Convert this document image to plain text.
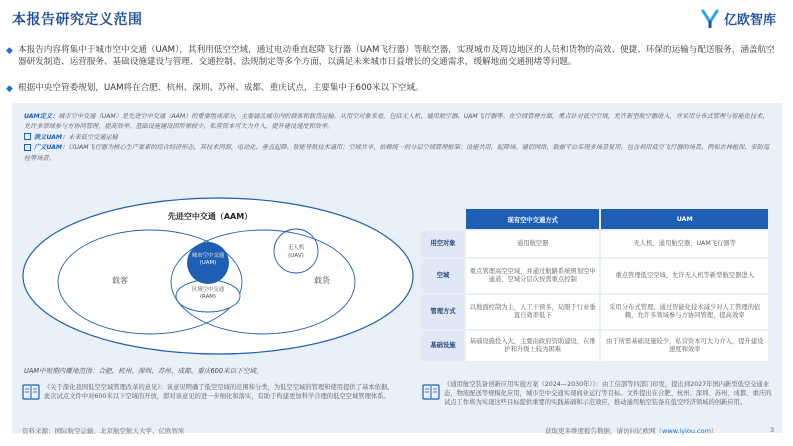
本报告研究定义范围	亿欧智库
◆ 本报告内容将集中于城市空中交通（UAM），其利用低空空域，通过电动垂直起降飞行器（UAM飞行器）等航空器，实现城市及周边地区的人员和货物的高效、便捷、环保的运输与配送服务，涵盖航空器研发制造、运营服务、基础设施建设与管理、交通控制、法规制定等多个方面，以满足未来城市日益增长的交通需求，缓解地面交通拥堵等问题。
◆ 根据中央空管委规划，UAM将在合肥、杭州、深圳、苏州、成都、重庆试点，主要集中于600米以下空域。
UAM定义：城市空中交通（UAM）是先进空中交通（AAM）的重要组成部分，主要涵盖城市内的载客和载货运输。从用空对象来看，包括无人机、通用航空器、UAM飞行器等。在空域管理方面，重点针对低空空域，允许新型航空器进入，并采用分布式管理与智能化技术，允许多领域参与方协同管理，提高效率。基础设施建设因所需较少，私营资本可大力介入，提升建设速度和效率。
狭义UAM：未来低空交通运输
广义UAM：以UAM飞行器为核心生产要素的综合经济形态，其技术同源，电动化、垂直起降、智能导航技术通用；空域共享，依赖统一的分层空域管理框架；设施共用，起降场、通信网络、数据平台实现多场景复用。包含利用低空飞行器的场景，例如农林植保、安防巡检等场景。
先进空中交通（AAM）
载客	载货
城市空中交通
(UAM)
区域空中交通
(RAM)
无人机
(UAV)
UAM中短期内覆地范围：合肥、杭州、深圳、苏州、成都、重庆600米以下空域。
	现有空中交通方式	UAM
用空对象	通用航空器	无人机、通用航空器、UAM飞行器等
空域	重点管理高空空域，并通过航路系统规划空中通道，空域分层次按需重点控制	重点管理低空空域，允许无人机等新型航空器进入
管理方式	以地面控制为主，人工干预多，局限于行业垂直自效率低下	采用分布式管理，通过智能化技术减少对人工管理的依赖，允许多领域参与方协同管理，提高效率
基础设施	基础设施投入大，主要由政府资助建设，在维护和升级上较为困难	由于所需基础设施较少，私营资本可大力介入，提升建设速度和效率
《关于深化我国低空空域管理改革的意见》：该意见明确了低空空域的范围和分类，为低空空域的管理和使用提供了基本依据。此次试点文件中对600米以下空域的开放，即对该意见的进一步细化和落实，有助于构建更加科学合理的低空空域管理体系。
《通用航空装备创新应用实施方案（2024—2030年）》：由工信部等四部门印发，提出到2027年国内新型低空交通业态，物流配送等规模化应用，城市空中交通实现商业运行等目标。文件提出在合肥、杭州、深圳、苏州、成都、重庆的试点工作将为实现这些目标提供重要的实践基础和示范效应，推动通用航空装备在低空经济领域的创新应用。
资料来源：国际航空运输、北京航空航天大学、亿欧智库	获取更多维度报告数据，请访问亿欧网（www.iyiou.com）	3
